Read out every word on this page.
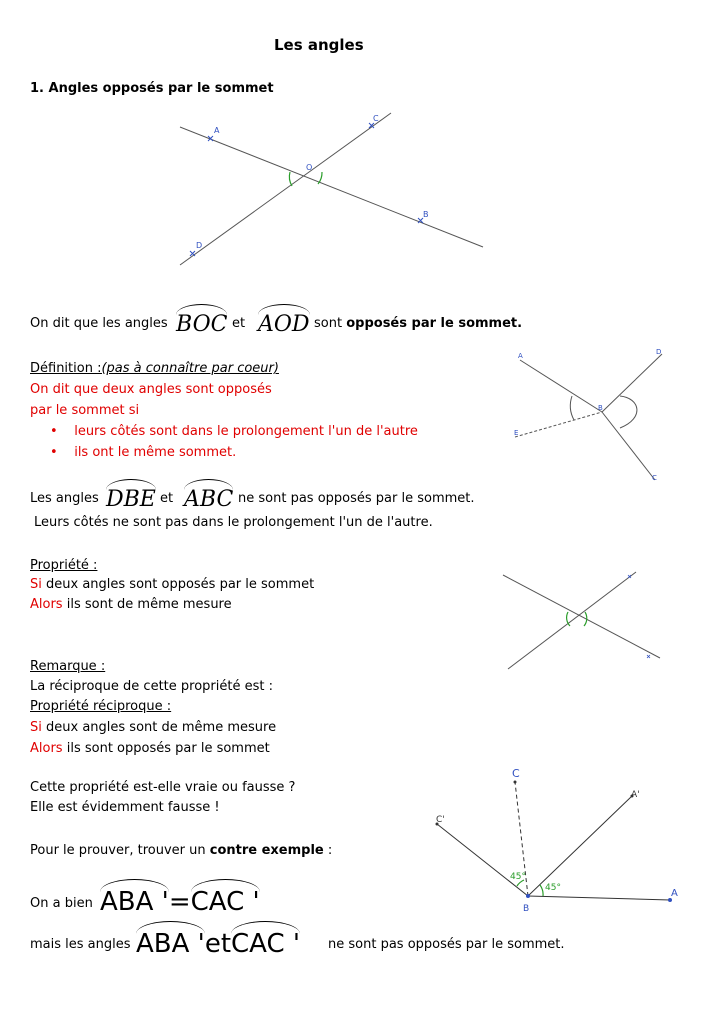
Les angles
1. Angles opposés par le sommet
A
C
O
B
D
On dit que les angles BOC et AOD sont opposés par le sommet.
Définition :(pas à connaître par coeur)
On dit que deux angles sont opposés
par le sommet si
•    leurs côtés sont dans le prolongement l'un de l'autre
•    ils ont le même sommet.
A	D
B
E
C
Les angles DBE et ABC ne sont pas opposés par le sommet.
Leurs côtés ne sont pas dans le prolongement l'un de l'autre.
Propriété :
Si deux angles sont opposés par le sommet
Alors ils sont de même mesure
Remarque :
La réciproque de cette propriété est :
Propriété réciproque :
Si deux angles sont de même mesure
Alors ils sont opposés par le sommet
Cette propriété est-elle vraie ou fausse ?
Elle est évidemment fausse !
Pour le prouver, trouver un contre exemple :
C
C'
A'
B
A
45°
45°
On a bien ABA '=CAC '
mais les angles ABA 'etCAC ' ne sont pas opposés par le sommet.
